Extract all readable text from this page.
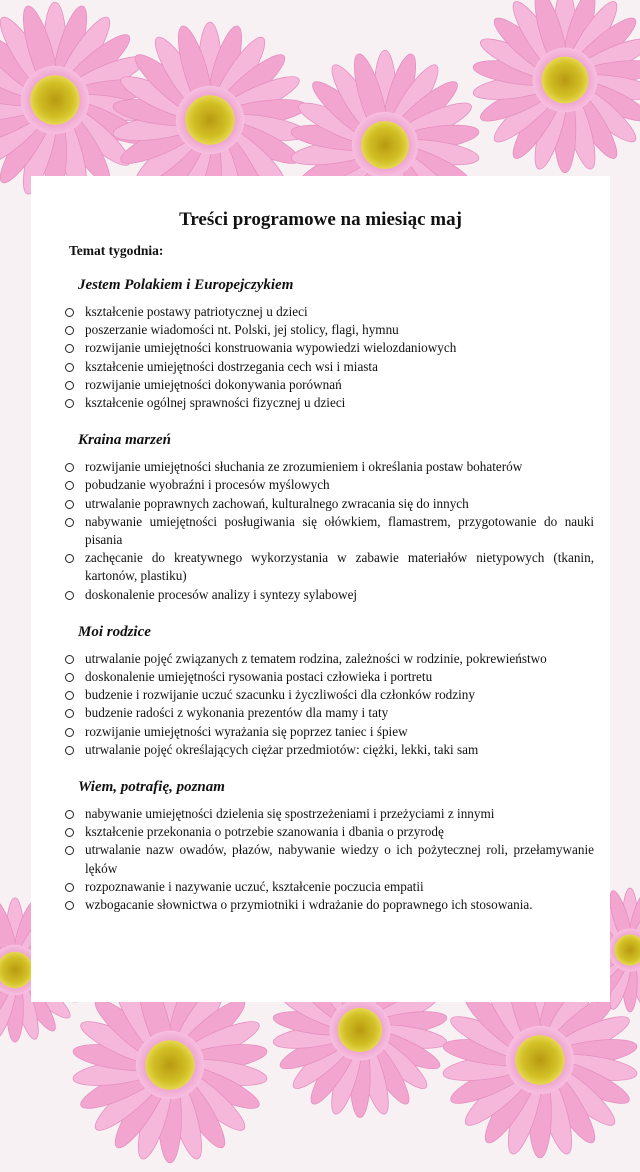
Treści programowe na miesiąc maj
Temat tygodnia:
Jestem Polakiem i Europejczykiem
kształcenie postawy patriotycznej u dzieci
poszerzanie wiadomości nt. Polski, jej stolicy, flagi, hymnu
rozwijanie umiejętności konstruowania wypowiedzi wielozdaniowych
kształcenie umiejętności dostrzegania cech wsi i miasta
rozwijanie umiejętności dokonywania porównań
kształcenie ogólnej sprawności fizycznej u dzieci
Kraina marzeń
rozwijanie umiejętności słuchania ze zrozumieniem i określania postaw bohaterów
pobudzanie wyobraźni i procesów myślowych
utrwalanie poprawnych zachowań, kulturalnego zwracania się do innych
nabywanie umiejętności posługiwania się ołówkiem, flamastrem, przygotowanie do nauki pisania
zachęcanie do kreatywnego wykorzystania w zabawie materiałów nietypowych (tkanin, kartonów, plastiku)
doskonalenie procesów analizy i syntezy sylabowej
Moi rodzice
utrwalanie pojęć związanych z tematem rodzina, zależności w rodzinie, pokrewieństwo
doskonalenie umiejętności rysowania postaci człowieka i portretu
budzenie i rozwijanie uczuć szacunku i życzliwości dla członków rodziny
budzenie radości z wykonania prezentów dla mamy i taty
rozwijanie umiejętności wyrażania się poprzez taniec i śpiew
utrwalanie pojęć określających ciężar przedmiotów: ciężki, lekki, taki sam
Wiem, potrafię, poznam
nabywanie umiejętności dzielenia się spostrzeżeniami i przeżyciami z innymi
kształcenie przekonania o potrzebie szanowania i dbania o przyrodę
utrwalanie nazw owadów, płazów, nabywanie wiedzy o ich pożytecznej roli, przełamywanie lęków
rozpoznawanie i nazywanie uczuć, kształcenie poczucia empatii
wzbogacanie słownictwa o przymiotniki i wdrażanie do poprawnego ich stosowania.
